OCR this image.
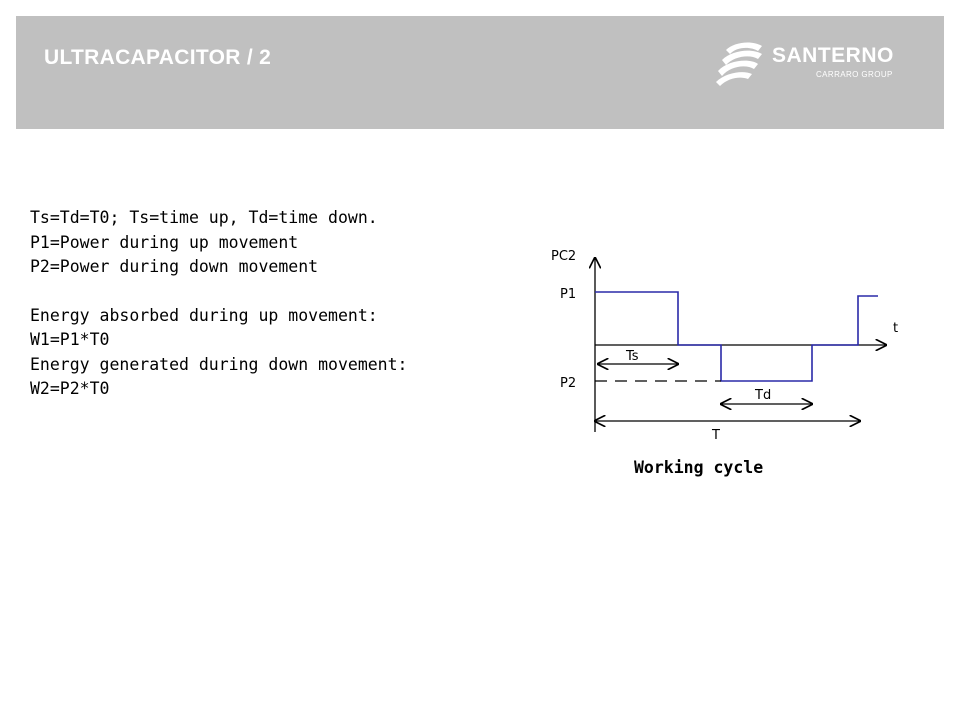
ULTRACAPACITOR / 2	SANTERNO
CARRARO GROUP
Ts=Td=T0; Ts=time up, Td=time down.
P1=Power during up movement
P2=Power during down movement
Energy absorbed during up movement:
W1=P1*T0
Energy generated during down movement:
W2=P2*T0
PC2
t
P1
P2
Ts
Td
T
Working cycle
